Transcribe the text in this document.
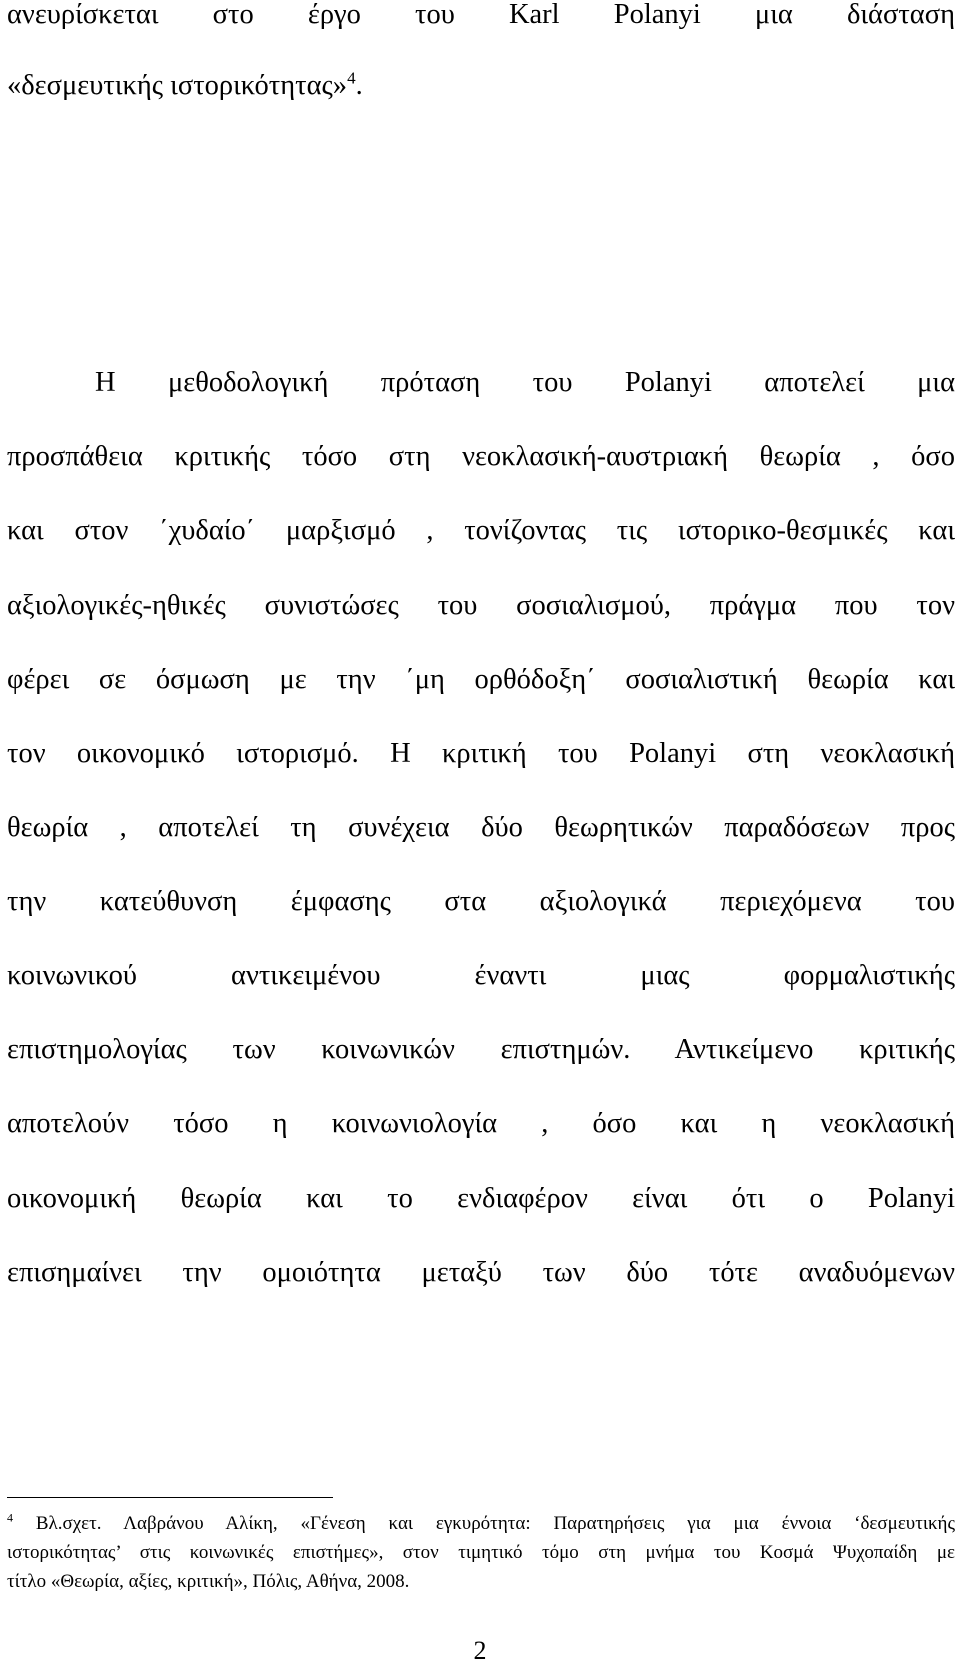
ανευρίσκεται στο έργο του Karl Polanyi μια διάσταση
«δεσμευτικής ιστορικότητας»$^4$.
Η μεθοδολογική πρόταση του Polanyi αποτελεί μια
προσπάθεια κριτικής τόσο στη νεοκλασική-αυστριακή θεωρία , όσο
και στον ΄χυδαίο΄ μαρξισμό , τονίζοντας τις ιστορικο-θεσμικές και
αξιολογικές-ηθικές συνιστώσες του σοσιαλισμού, πράγμα που τον
φέρει σε όσμωση με την ΄μη ορθόδοξη΄ σοσιαλιστική θεωρία και
τον οικονομικό ιστορισμό. Η κριτική του Polanyi στη νεοκλασική
θεωρία , αποτελεί τη συνέχεια δύο θεωρητικών παραδόσεων προς
την κατεύθυνση έμφασης στα αξιολογικά περιεχόμενα του
κοινωνικού αντικειμένου έναντι μιας φορμαλιστικής
επιστημολογίας των κοινωνικών επιστημών. Αντικείμενο κριτικής
αποτελούν τόσο η κοινωνιολογία , όσο και η νεοκλασική
οικονομική θεωρία και το ενδιαφέρον είναι ότι ο Polanyi
επισημαίνει την ομοιότητα μεταξύ των δύο τότε αναδυόμενων
$^4$ Βλ.σχετ. Λαβράνου Αλίκη, «Γένεση και εγκυρότητα: Παρατηρήσεις για μια έννοια ‘δεσμευτικής
ιστορικότητας’ στις κοινωνικές επιστήμες», στον τιμητικό τόμο στη μνήμα του Κοσμά Ψυχοπαίδη με
τίτλο «Θεωρία, αξίες, κριτική», Πόλις, Αθήνα, 2008.
2
